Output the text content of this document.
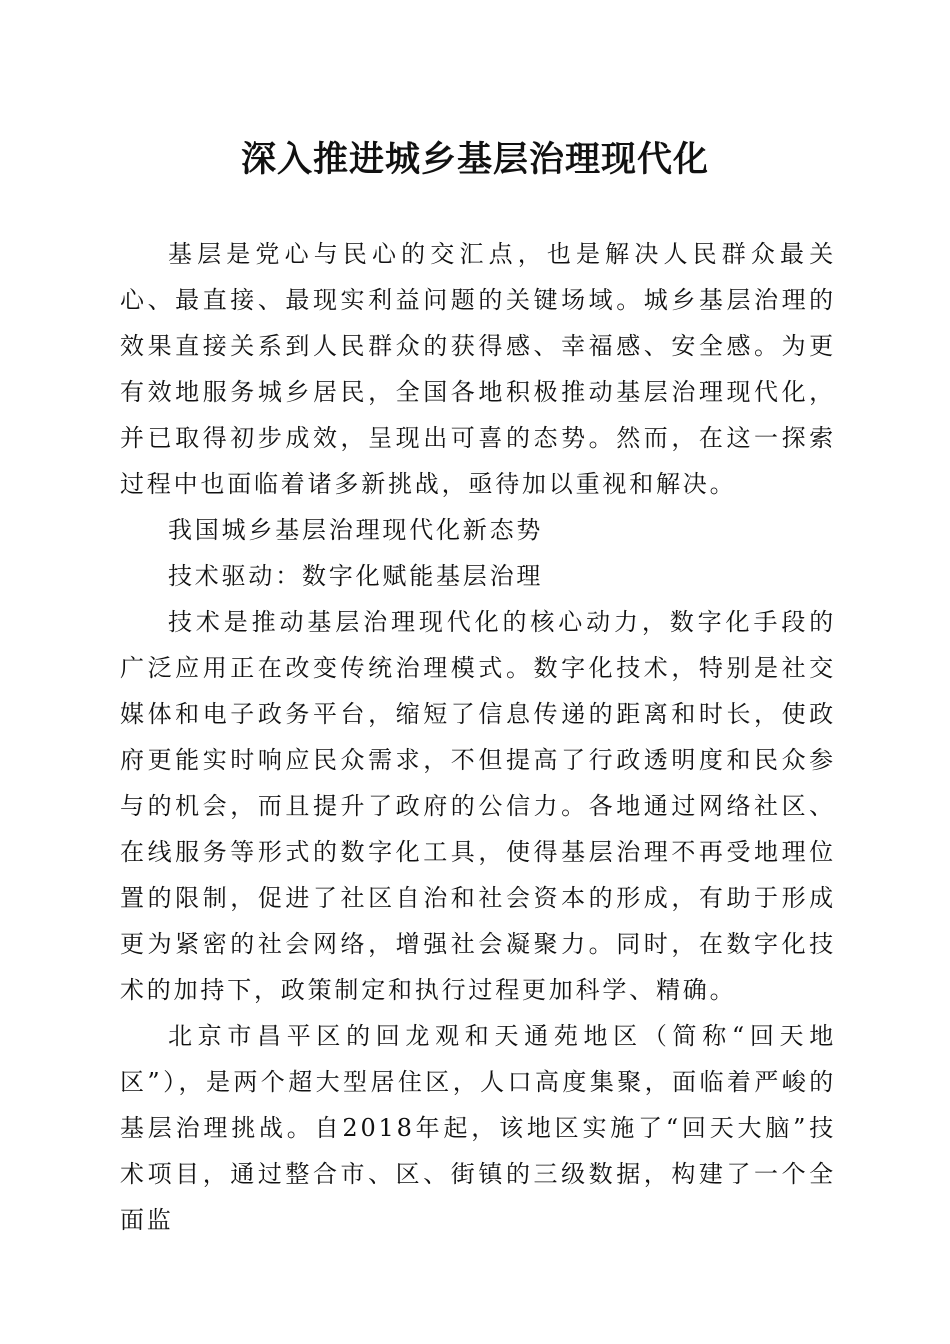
深入推进城乡基层治理现代化

基层是党心与民心的交汇点，也是解决人民群众最关心、最直接、最现实利益问题的关键场域。城乡基层治理的效果直接关系到人民群众的获得感、幸福感、安全感。为更有效地服务城乡居民，全国各地积极推动基层治理现代化，并已取得初步成效，呈现出可喜的态势。然而，在这一探索过程中也面临着诸多新挑战，亟待加以重视和解决。

我国城乡基层治理现代化新态势

技术驱动：数字化赋能基层治理

技术是推动基层治理现代化的核心动力，数字化手段的广泛应用正在改变传统治理模式。数字化技术，特别是社交媒体和电子政务平台，缩短了信息传递的距离和时长，使政府更能实时响应民众需求，不但提高了行政透明度和民众参与的机会，而且提升了政府的公信力。各地通过网络社区、在线服务等形式的数字化工具，使得基层治理不再受地理位置的限制，促进了社区自治和社会资本的形成，有助于形成更为紧密的社会网络，增强社会凝聚力。同时，在数字化技术的加持下，政策制定和执行过程更加科学、精确。

北京市昌平区的回龙观和天通苑地区（简称“回天地区”），是两个超大型居住区，人口高度集聚，面临着严峻的基层治理挑战。自2018年起，该地区实施了“回天大脑”技术项目，通过整合市、区、街镇的三级数据，构建了一个全面监
